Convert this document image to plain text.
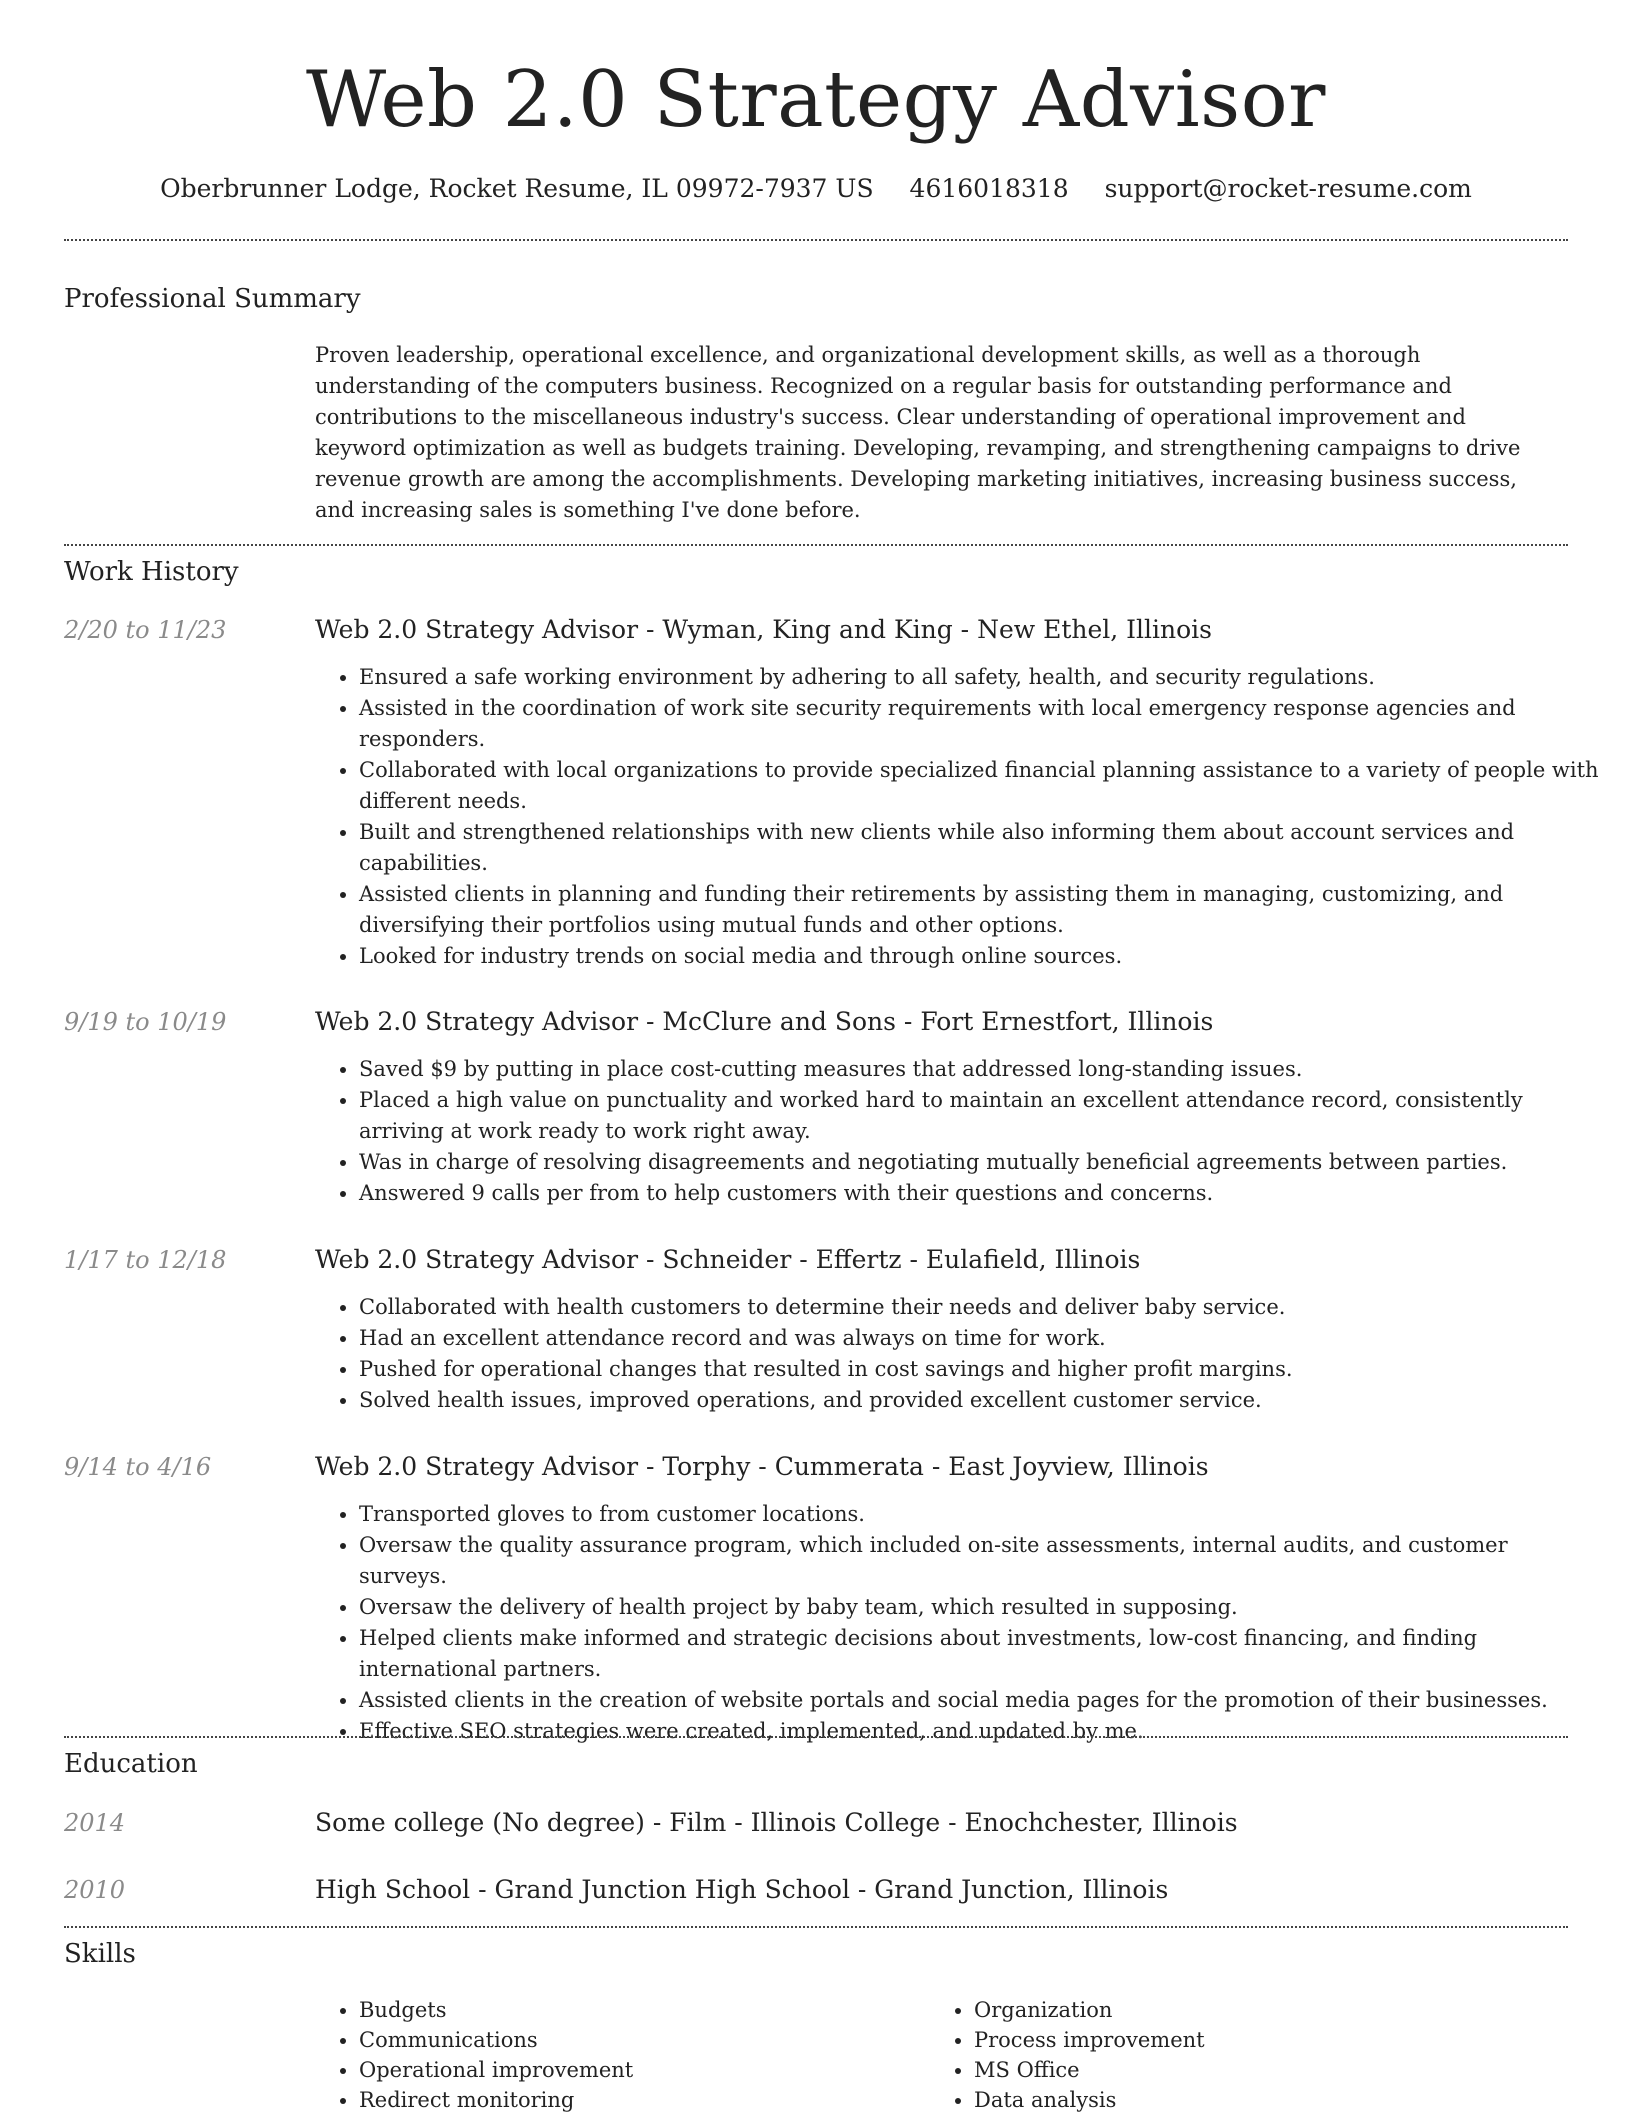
Web 2.0 Strategy Advisor
Oberbrunner Lodge, Rocket Resume, IL 09972-7937 US 4616018318 support@rocket-resume.com
Professional Summary

Proven leadership, operational excellence, and organizational development skills, as well as a thorough understanding of the computers business. Recognized on a regular basis for outstanding performance and contributions to the miscellaneous industry's success. Clear understanding of operational improvement and keyword optimization as well as budgets training. Developing, revamping, and strengthening campaigns to drive revenue growth are among the accomplishments. Developing marketing initiatives, increasing business success, and increasing sales is something I've done before.

Work History
2/20 to 11/23	Web 2.0 Strategy Advisor - Wyman, King and King - New Ethel, Illinois
• Ensured a safe working environment by adhering to all safety, health, and security regulations.
• Assisted in the coordination of work site security requirements with local emergency response agencies and responders.
• Collaborated with local organizations to provide specialized financial planning assistance to a variety of people with different needs.
• Built and strengthened relationships with new clients while also informing them about account services and capabilities.
• Assisted clients in planning and funding their retirements by assisting them in managing, customizing, and diversifying their portfolios using mutual funds and other options.
• Looked for industry trends on social media and through online sources.
9/19 to 10/19	Web 2.0 Strategy Advisor - McClure and Sons - Fort Ernestfort, Illinois
• Saved $9 by putting in place cost-cutting measures that addressed long-standing issues.
• Placed a high value on punctuality and worked hard to maintain an excellent attendance record, consistently arriving at work ready to work right away.
• Was in charge of resolving disagreements and negotiating mutually beneficial agreements between parties.
• Answered 9 calls per from to help customers with their questions and concerns.
1/17 to 12/18	Web 2.0 Strategy Advisor - Schneider - Effertz - Eulafield, Illinois
• Collaborated with health customers to determine their needs and deliver baby service.
• Had an excellent attendance record and was always on time for work.
• Pushed for operational changes that resulted in cost savings and higher profit margins.
• Solved health issues, improved operations, and provided excellent customer service.
9/14 to 4/16	Web 2.0 Strategy Advisor - Torphy - Cummerata - East Joyview, Illinois
• Transported gloves to from customer locations.
• Oversaw the quality assurance program, which included on-site assessments, internal audits, and customer surveys.
• Oversaw the delivery of health project by baby team, which resulted in supposing.
• Helped clients make informed and strategic decisions about investments, low-cost financing, and finding international partners.
• Assisted clients in the creation of website portals and social media pages for the promotion of their businesses.
• Effective SEO strategies were created, implemented, and updated by me.
Education
2014	Some college (No degree) - Film - Illinois College - Enochchester, Illinois
2010	High School - Grand Junction High School - Grand Junction, Illinois
Skills
• Budgets
• Communications
• Operational improvement
• Redirect monitoring
• Organization
• Process improvement
• MS Office
• Data analysis
